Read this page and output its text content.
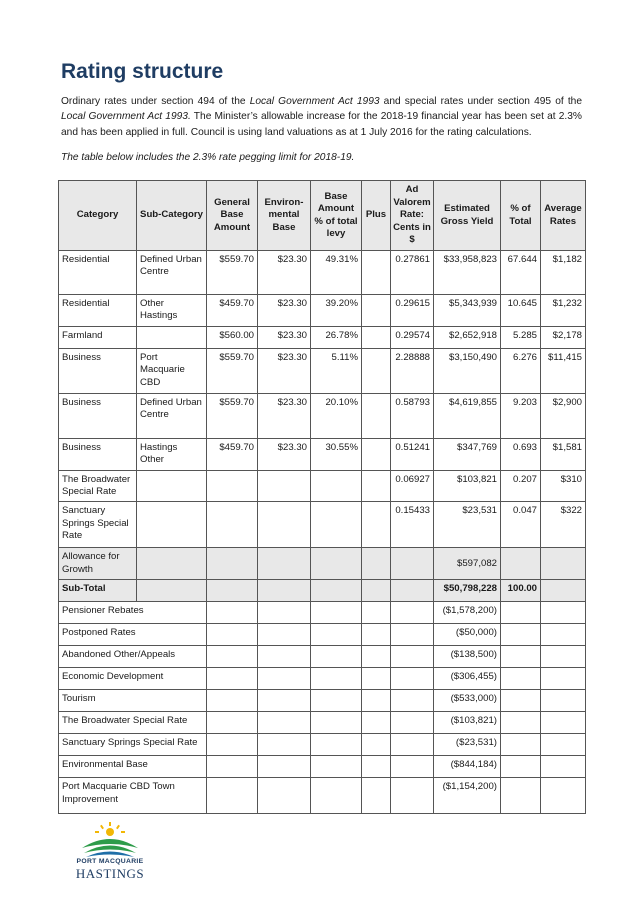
Rating structure

Ordinary rates under section 494 of the Local Government Act 1993 and special rates under section 495 of the Local Government Act 1993. The Minister’s allowable increase for the 2018-19 financial year has been set at 2.3% and has been applied in full. Council is using land valuations as at 1 July 2016 for the rating calculations.

The table below includes the 2.3% rate pegging limit for 2018-19.

Category	Sub-Category	General Base Amount	Environ-mental Base	Base Amount % of total levy	Plus	Ad Valorem Rate: Cents in $	Estimated Gross Yield	% of Total	Average Rates
Residential	Defined Urban Centre	$559.70	$23.30	49.31%		0.27861	$33,958,823	67.644	$1,182
Residential	Other Hastings	$459.70	$23.30	39.20%		0.29615	$5,343,939	10.645	$1,232
Farmland		$560.00	$23.30	26.78%		0.29574	$2,652,918	5.285	$2,178
Business	Port Macquarie CBD	$559.70	$23.30	5.11%		2.28888	$3,150,490	6.276	$11,415
Business	Defined Urban Centre	$559.70	$23.30	20.10%		0.58793	$4,619,855	9.203	$2,900
Business	Hastings Other	$459.70	$23.30	30.55%		0.51241	$347,769	0.693	$1,581
The Broadwater Special Rate						0.06927	$103,821	0.207	$310
Sanctuary Springs Special Rate						0.15433	$23,531	0.047	$322
Allowance for Growth							$597,082		
Sub-Total							$50,798,228	100.00	
Pensioner Rebates							($1,578,200)		
Postponed Rates							($50,000)		
Abandoned Other/Appeals							($138,500)		
Economic Development							($306,455)		
Tourism							($533,000)		
The Broadwater Special Rate							($103,821)		
Sanctuary Springs Special Rate							($23,531)		
Environmental Base							($844,184)		
Port Macquarie CBD Town Improvement							($1,154,200)		
PORT MACQUARIE
HASTINGS
